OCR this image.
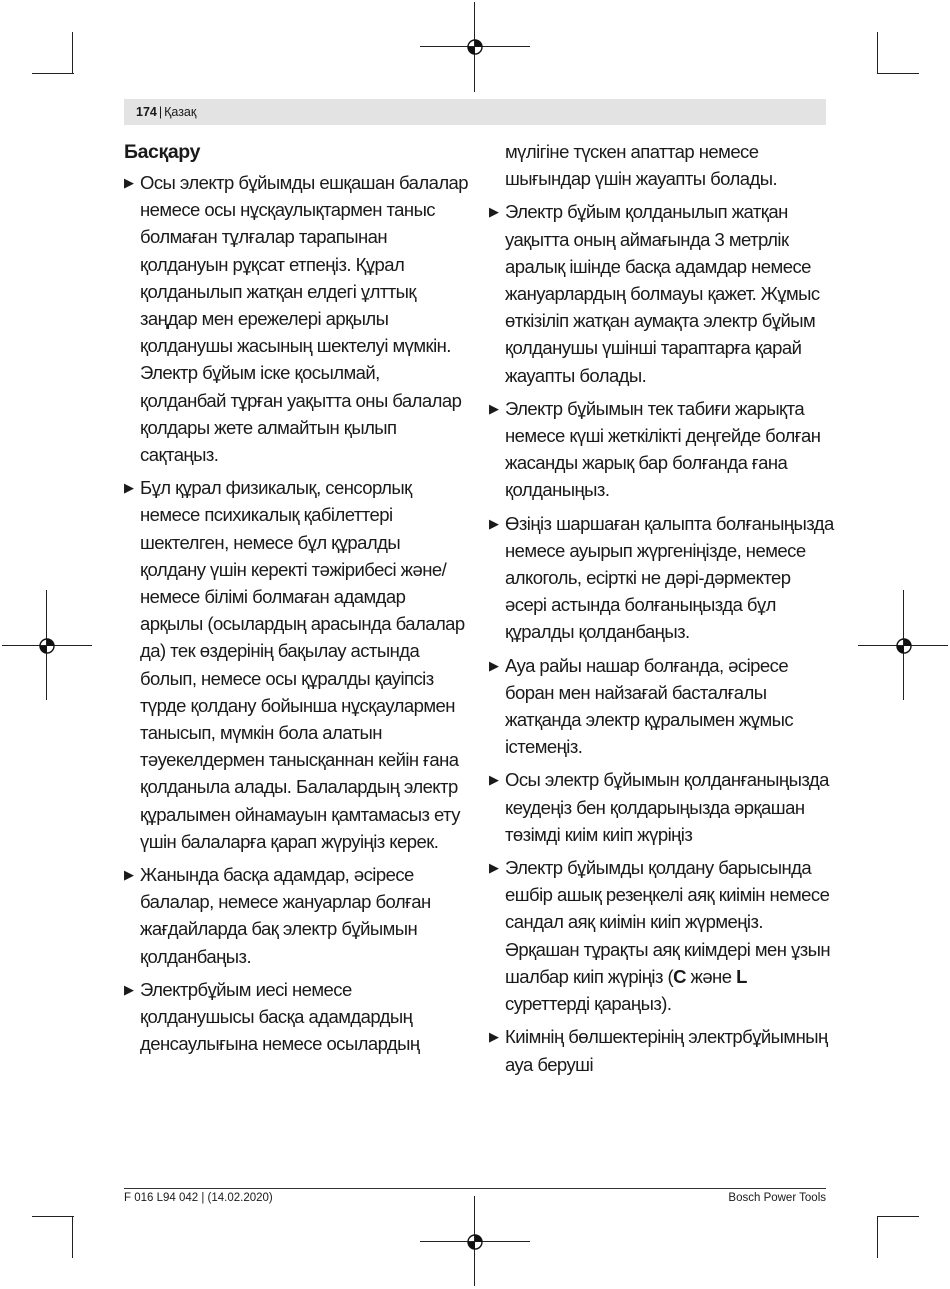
174 | Қазақ
Басқару
▶ Осы электр бұйымды ешқашан балалар немесе осы нұсқаулықтармен таныс болмаған тұлғалар тарапынан қолдануын рұқсат етпеңіз. Құрал қолданылып жатқан елдегі ұлттық заңдар мен ережелері арқылы қолданушы жасының шектелуі мүмкін. Электр бұйым іске қосылмай, қолданбай тұрған уақытта оны балалар қолдары жете алмайтын қылып сақтаңыз.
▶ Бұл құрал физикалық, сенсорлық немесе психикалық қабілеттері шектелген, немесе бұл құралды қолдану үшін керекті тәжірибесі және/немесе білімі болмаған адамдар арқылы (осылардың арасында балалар да) тек өздерінің бақылау астында болып, немесе осы құралды қауіпсіз түрде қолдану бойынша нұсқаулармен танысып, мүмкін бола алатын тәуекелдермен танысқаннан кейін ғана қолданыла алады. Балалардың электр құралымен ойнамауын қамтамасыз ету үшін балаларға қарап жүруіңіз керек.
▶ Жанында басқа адамдар, әсіресе балалар, немесе жануарлар болған жағдайларда бақ электр бұйымын қолданбаңыз.
▶ Электрбұйым иесі немесе қолданушысы басқа адамдардың денсаулығына немесе осылардың
мүлігіне түскен апаттар немесе шығындар үшін жауапты болады.
▶ Электр бұйым қолданылып жатқан уақытта оның аймағында 3 метрлік аралық ішінде басқа адамдар немесе жануарлардың болмауы қажет. Жұмыс өткізіліп жатқан аумақта электр бұйым қолданушы үшінші тараптарға қарай жауапты болады.
▶ Электр бұйымын тек табиғи жарықта немесе күші жеткілікті деңгейде болған жасанды жарық бар болғанда ғана қолданыңыз.
▶ Өзіңіз шаршаған қалыпта болғаныңызда немесе ауырып жүргеніңізде, немесе алкоголь, есірткі не дәрі-дәрмектер әсері астында болғаныңызда бұл құралды қолданбаңыз.
▶ Ауа райы нашар болғанда, әсіресе боран мен найзағай басталғалы жатқанда электр құралымен жұмыс істемеңіз.
▶ Осы электр бұйымын қолданғаныңызда кеудеңіз бен қолдарыңызда әрқашан төзімді киім киіп жүріңіз
▶ Электр бұйымды қолдану барысында ешбір ашық резеңкелі аяқ киімін немесе сандал аяқ киімін киіп жүрмеңіз. Әрқашан тұрақты аяқ киімдері мен ұзын шалбар киіп жүріңіз (C және L суреттерді қараңыз).
▶ Киімнің бөлшектерінің электрбұйымның ауа беруші
F 016 L94 042 | (14.02.2020)	Bosch Power Tools
